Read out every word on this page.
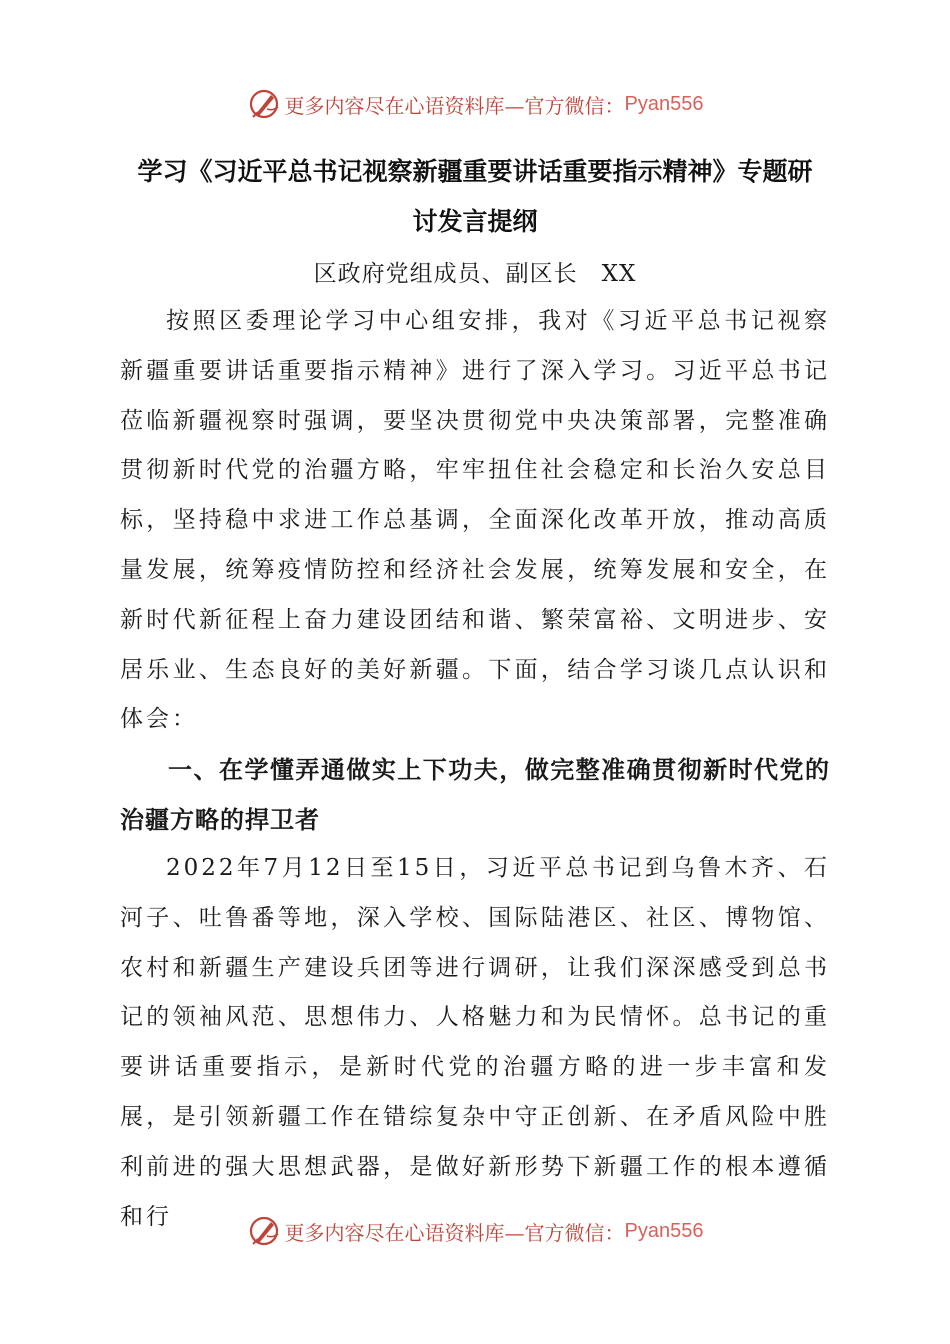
更多内容尽在心语资料库—官方微信： Pyan556
学习《习近平总书记视察新疆重要讲话重要指示精神》专题研
讨发言提纲
区政府党组成员、副区长　XX

按照区委理论学习中心组安排，我对《习近平总书记视察新疆重要讲话重要指示精神》进行了深入学习。习近平总书记莅临新疆视察时强调，要坚决贯彻党中央决策部署，完整准确贯彻新时代党的治疆方略，牢牢扭住社会稳定和长治久安总目标，坚持稳中求进工作总基调，全面深化改革开放，推动高质量发展，统筹疫情防控和经济社会发展，统筹发展和安全，在新时代新征程上奋力建设团结和谐、繁荣富裕、文明进步、安居乐业、生态良好的美好新疆。下面，结合学习谈几点认识和体会：

一、在学懂弄通做实上下功夫，做完整准确贯彻新时代党的治疆方略的捍卫者

2022年7月12日至15日，习近平总书记到乌鲁木齐、石河子、吐鲁番等地，深入学校、国际陆港区、社区、博物馆、农村和新疆生产建设兵团等进行调研，让我们深深感受到总书记的领袖风范、思想伟力、人格魅力和为民情怀。总书记的重要讲话重要指示，是新时代党的治疆方略的进一步丰富和发展，是引领新疆工作在错综复杂中守正创新、在矛盾风险中胜利前进的强大思想武器，是做好新形势下新疆工作的根本遵循和行

更多内容尽在心语资料库—官方微信： Pyan556
